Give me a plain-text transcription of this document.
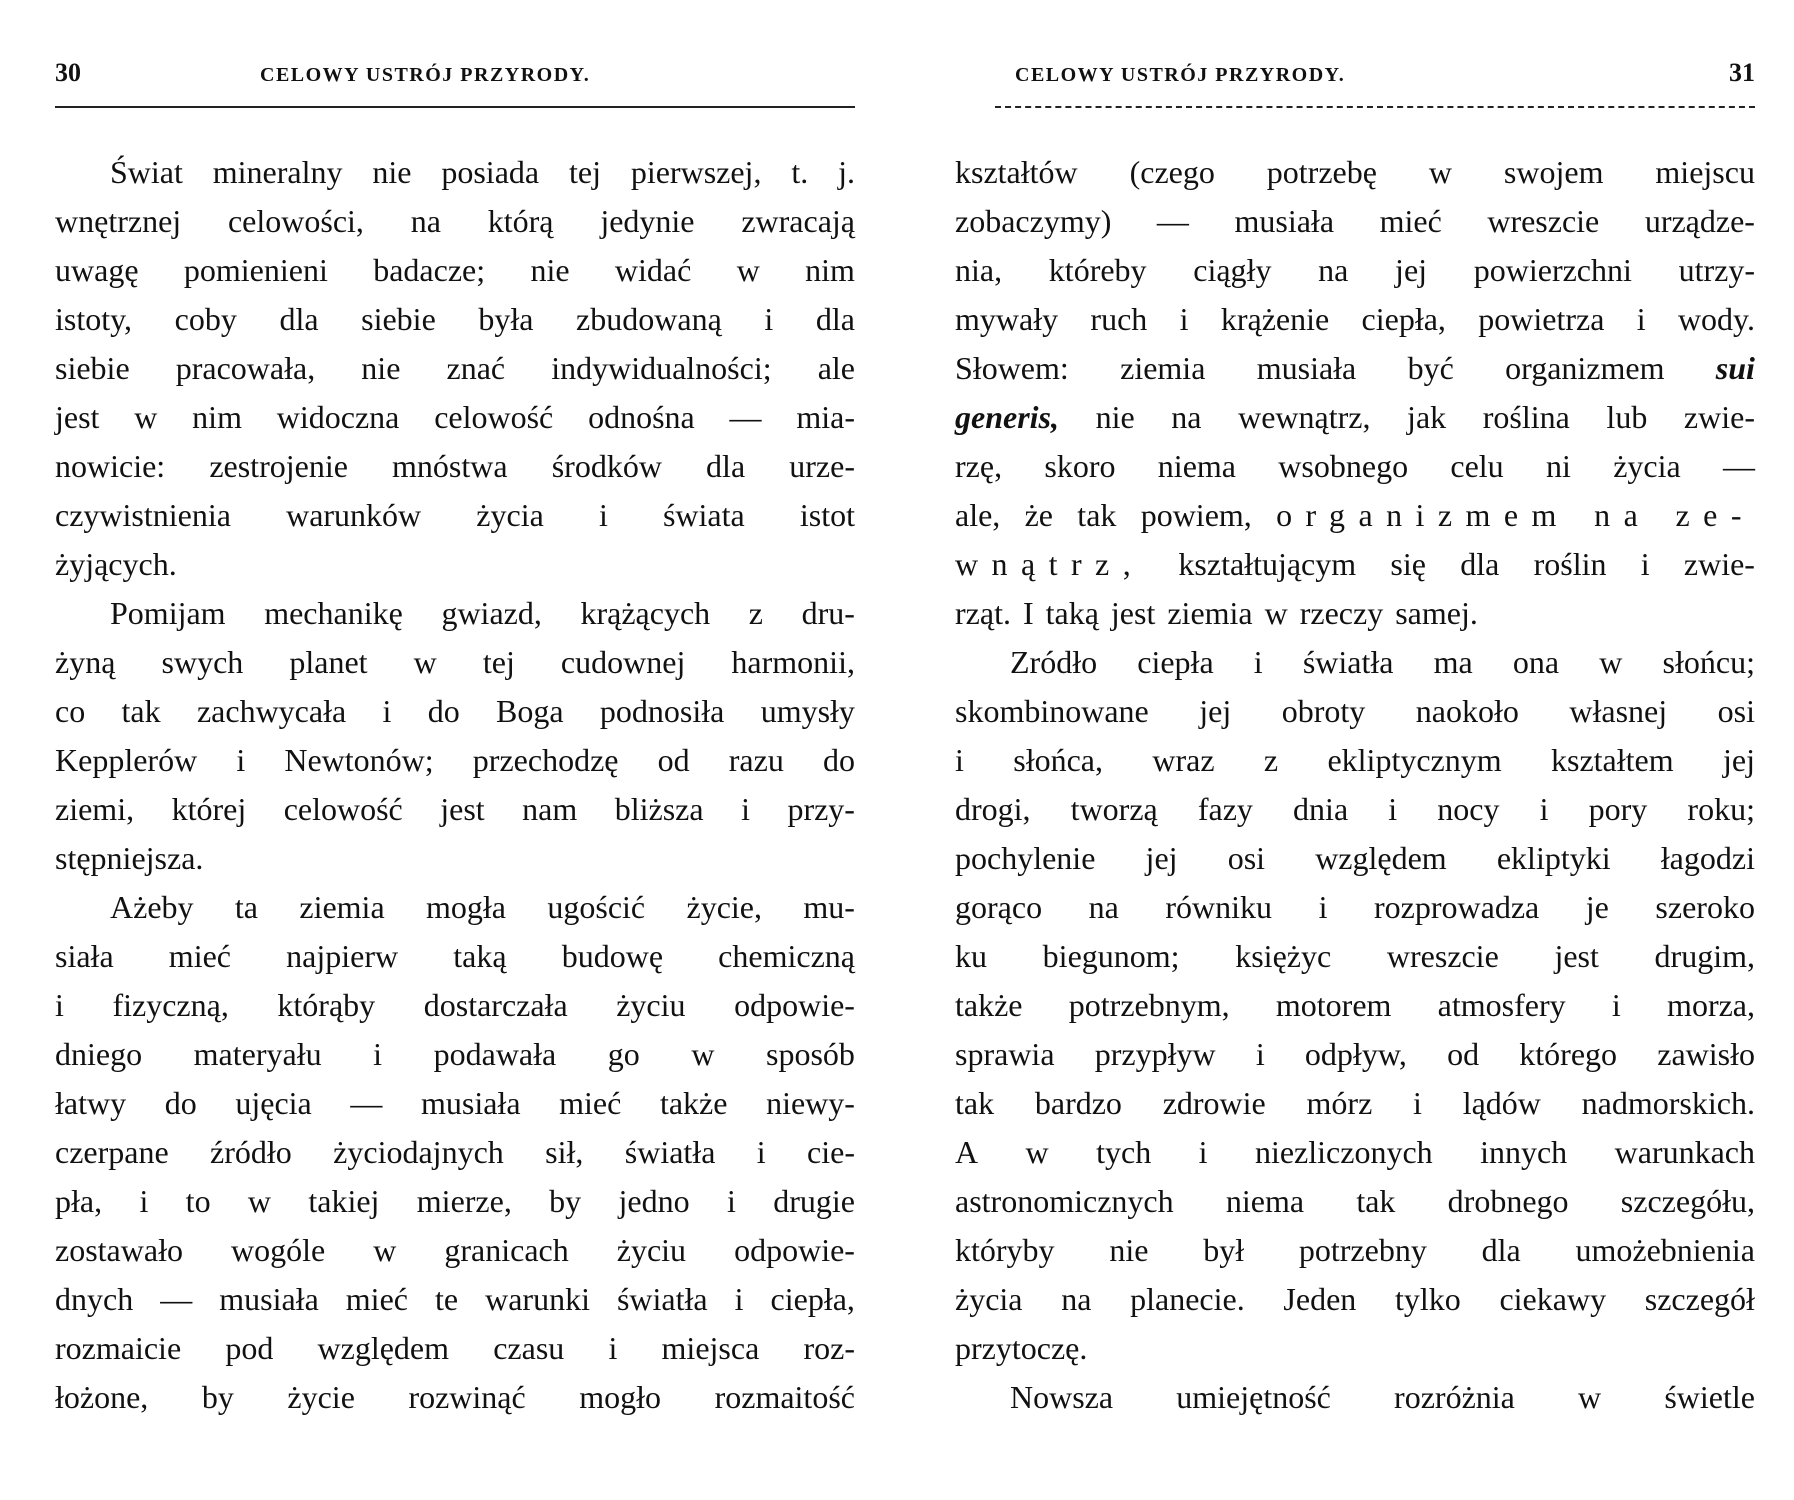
30	CELOWY USTRÓJ PRZYRODY.
Świat mineralny nie posiada tej pierwszej, t. j.
wnętrznej celowości, na którą jedynie zwracają
uwagę pomienieni badacze; nie widać w nim
istoty, coby dla siebie była zbudowaną i dla
siebie pracowała, nie znać indywidualności; ale
jest w nim widoczna celowość odnośna — mia-
nowicie: zestrojenie mnóstwa środków dla urze-
czywistnienia warunków życia i świata istot
żyjących.
Pomijam mechanikę gwiazd, krążących z dru-
żyną swych planet w tej cudownej harmonii,
co tak zachwycała i do Boga podnosiła umysły
Kepplerów i Newtonów; przechodzę od razu do
ziemi, której celowość jest nam bliższa i przy-
stępniejsza.
Ażeby ta ziemia mogła ugościć życie, mu-
siała mieć najpierw taką budowę chemiczną
i fizyczną, którąby dostarczała życiu odpowie-
dniego materyału i podawała go w sposób
łatwy do ujęcia — musiała mieć także niewy-
czerpane źródło życiodajnych sił, światła i cie-
pła, i to w takiej mierze, by jedno i drugie
zostawało wogóle w granicach życiu odpowie-
dnych — musiała mieć te warunki światła i ciepła,
rozmaicie pod względem czasu i miejsca roz-
łożone, by życie rozwinąć mogło rozmaitość
CELOWY USTRÓJ PRZYRODY.	31
kształtów (czego potrzebę w swojem miejscu
zobaczymy) — musiała mieć wreszcie urządze-
nia, któreby ciągły na jej powierzchni utrzy-
mywały ruch i krążenie ciepła, powietrza i wody.
Słowem: ziemia musiała być organizmem sui
generis, nie na wewnątrz, jak roślina lub zwie-
rzę, skoro niema wsobnego celu ni życia —
ale, że tak powiem, organizmem na ze-
wnątrz, kształtującym się dla roślin i zwie-
rząt. I taką jest ziemia w rzeczy samej.
Zródło ciepła i światła ma ona w słońcu;
skombinowane jej obroty naokoło własnej osi
i słońca, wraz z ekliptycznym kształtem jej
drogi, tworzą fazy dnia i nocy i pory roku;
pochylenie jej osi względem ekliptyki łagodzi
gorąco na równiku i rozprowadza je szeroko
ku biegunom; księżyc wreszcie jest drugim,
także potrzebnym, motorem atmosfery i morza,
sprawia przypływ i odpływ, od którego zawisło
tak bardzo zdrowie mórz i lądów nadmorskich.
A w tych i niezliczonych innych warunkach
astronomicznych niema tak drobnego szczegółu,
któryby nie był potrzebny dla umożebnienia
życia na planecie. Jeden tylko ciekawy szczegół
przytoczę.
Nowsza umiejętność rozróżnia w świetle
